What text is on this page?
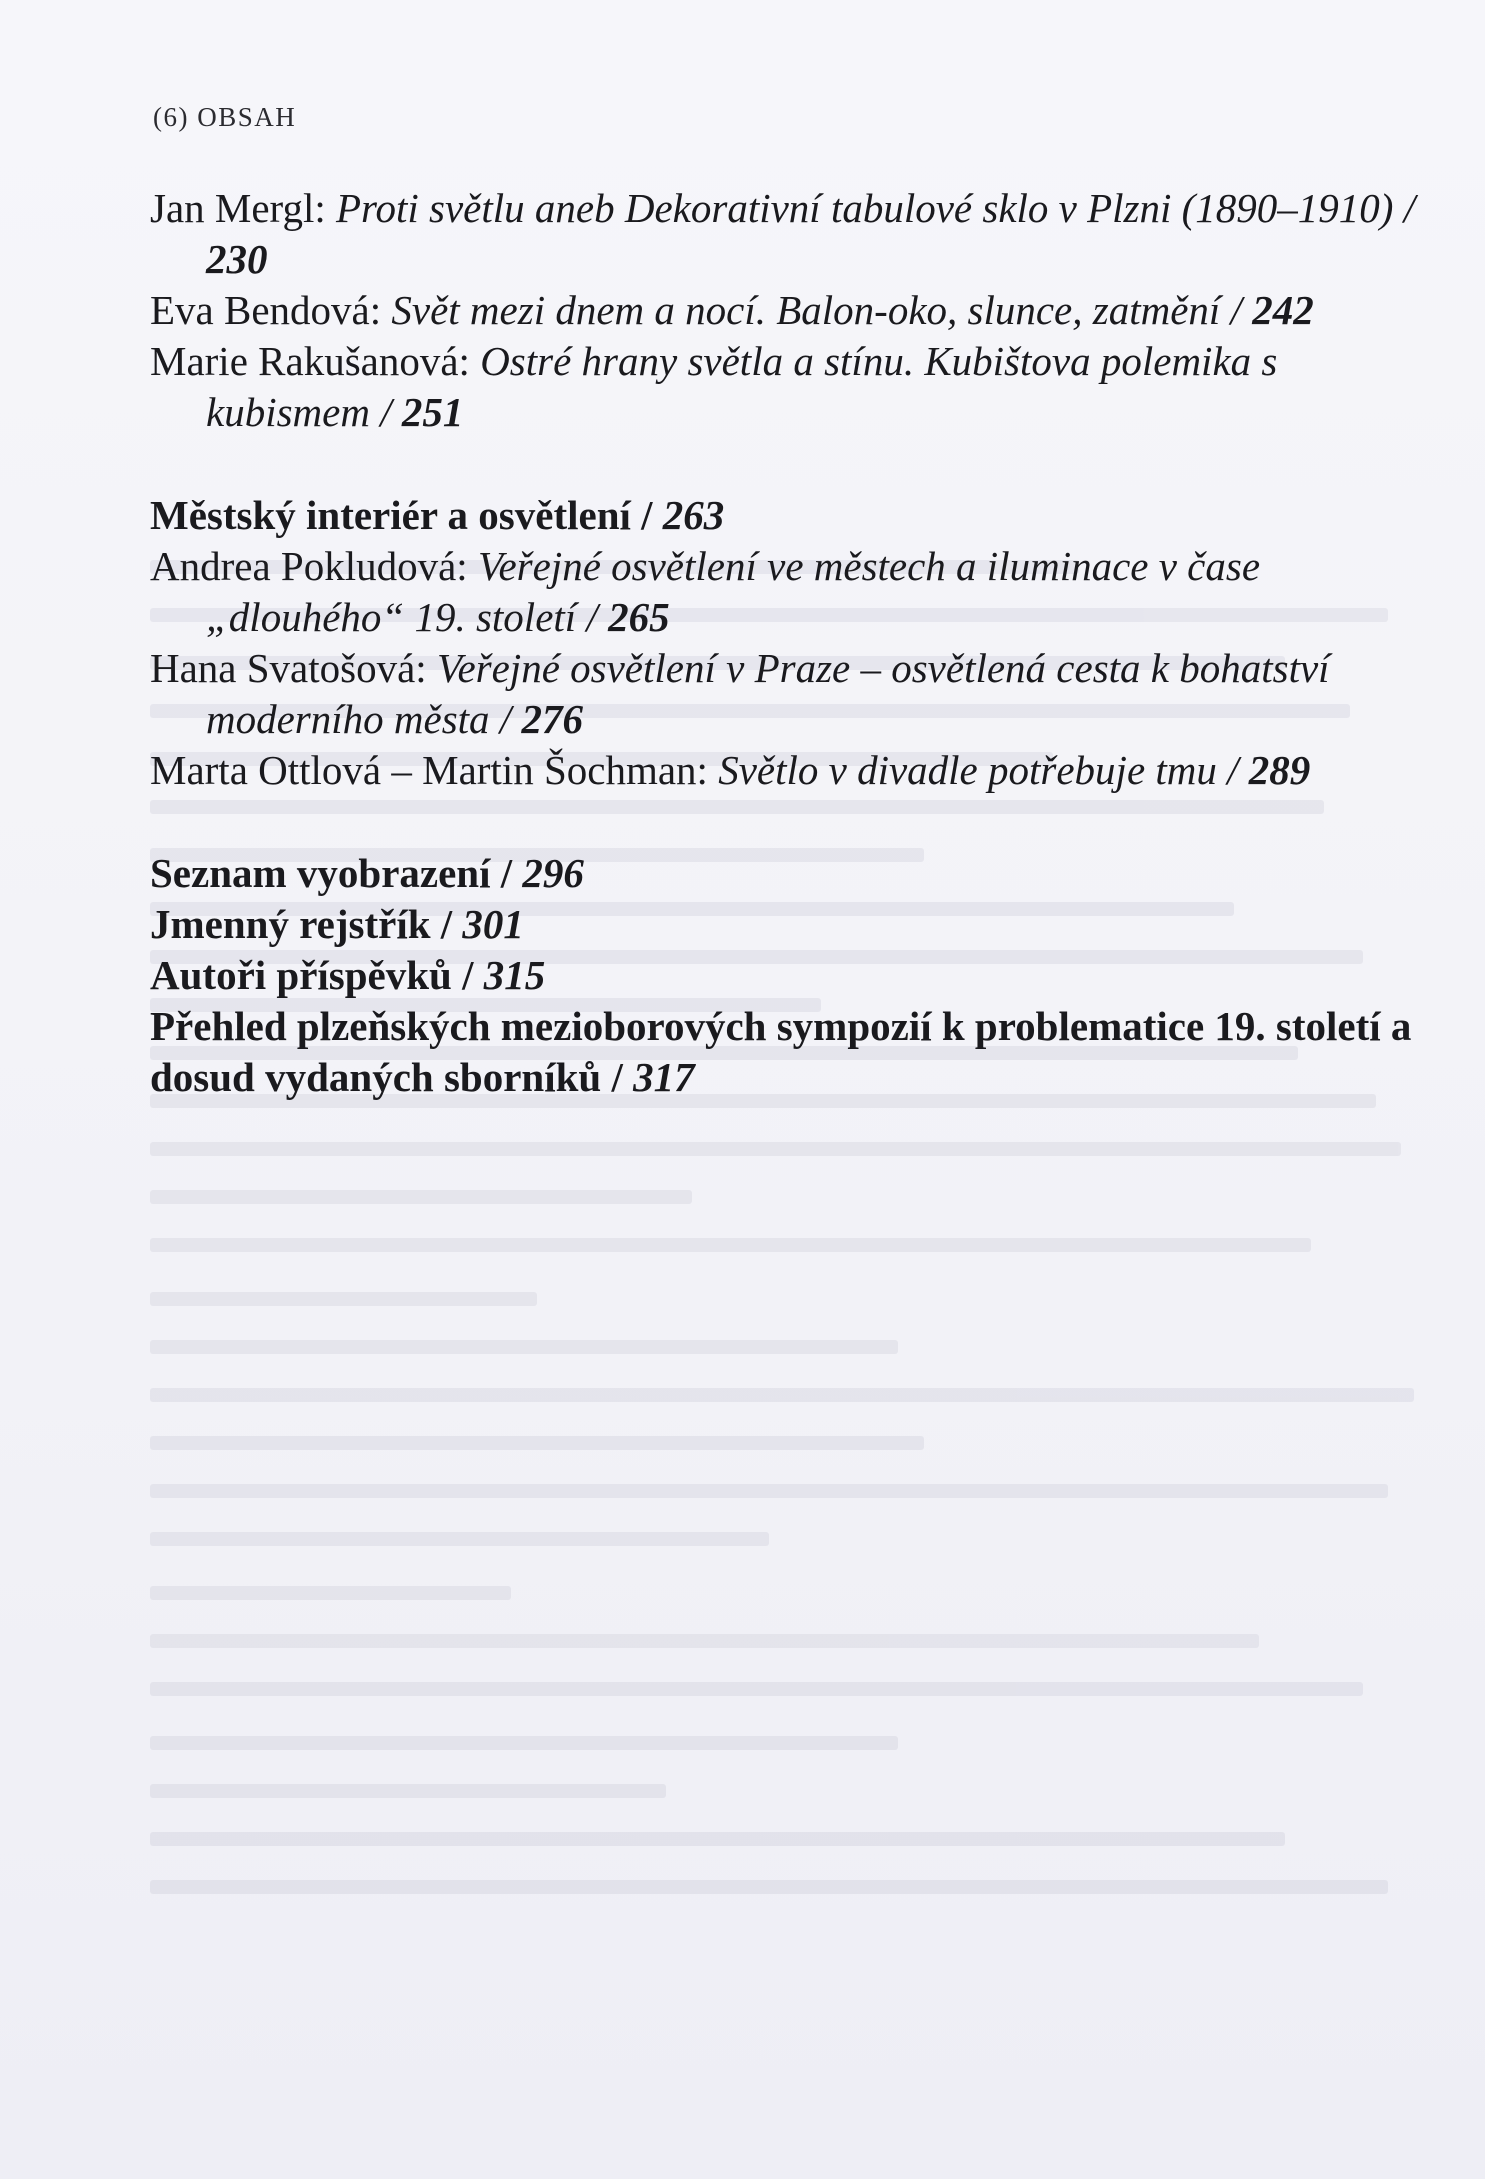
(6) OBSAH
Jan Mergl: Proti světlu aneb Dekorativní tabulové sklo v Plzni (1890–1910) / 230
Eva Bendová: Svět mezi dnem a nocí. Balon-oko, slunce, zatmění / 242
Marie Rakušanová: Ostré hrany světla a stínu. Kubištova polemika s kubismem / 251
Městský interiér a osvětlení / 263
Andrea Pokludová: Veřejné osvětlení ve městech a iluminace v čase „dlouhého“ 19. století / 265
Hana Svatošová: Veřejné osvětlení v Praze – osvětlená cesta k bohatství moderního města / 276
Marta Ottlová – Martin Šochman: Světlo v divadle potřebuje tmu / 289
Seznam vyobrazení / 296
Jmenný rejstřík / 301
Autoři příspěvků / 315
Přehled plzeňských mezioborových sympozií k problematice 19. století a dosud vydaných sborníků / 317
